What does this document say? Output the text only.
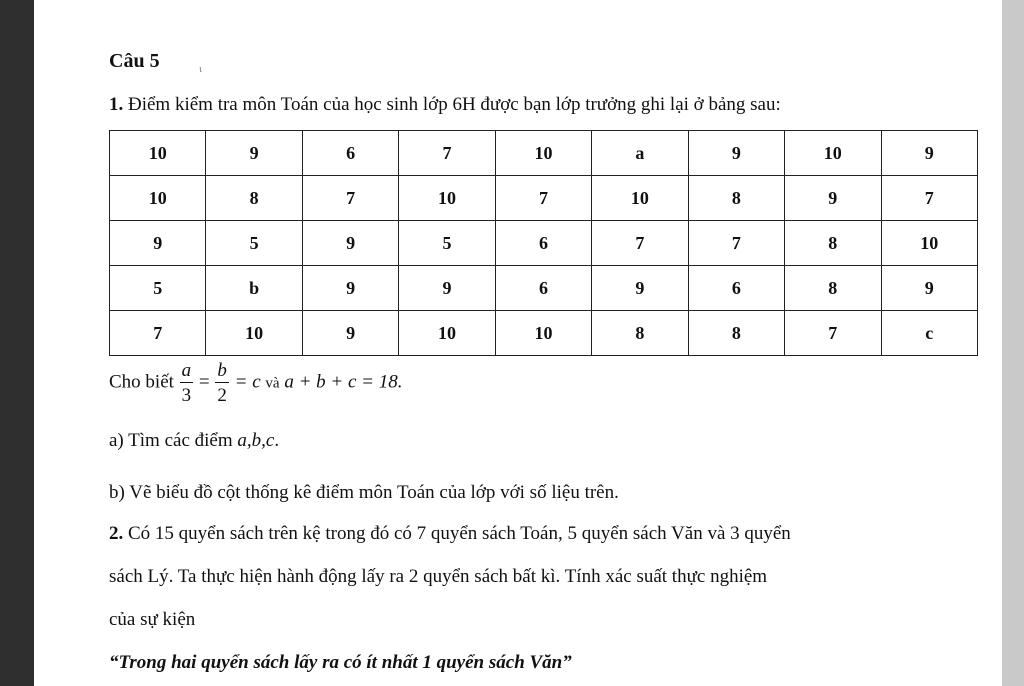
Câu 5	ι
1. Điểm kiểm tra môn Toán của học sinh lớp 6H được bạn lớp trưởng ghi lại ở bảng sau:
10	9	6	7	10	a	9	10	9
10	8	7	10	7	10	8	9	7
9	5	9	5	6	7	7	8	10
5	b	9	9	6	9	6	8	9
7	10	9	10	10	8	8	7	c
Cho biết $\frac{a}{3} = \frac{b}{2} = c$ và a + b + c = 18.
a) Tìm các điểm a,b,c.
b) Vẽ biểu đồ cột thống kê điểm môn Toán của lớp với số liệu trên.
2. Có 15 quyển sách trên kệ trong đó có 7 quyển sách Toán, 5 quyển sách Văn và 3 quyển
sách Lý. Ta thực hiện hành động lấy ra 2 quyển sách bất kì. Tính xác suất thực nghiệm
của sự kiện
“Trong hai quyển sách lấy ra có ít nhất 1 quyển sách Văn”
